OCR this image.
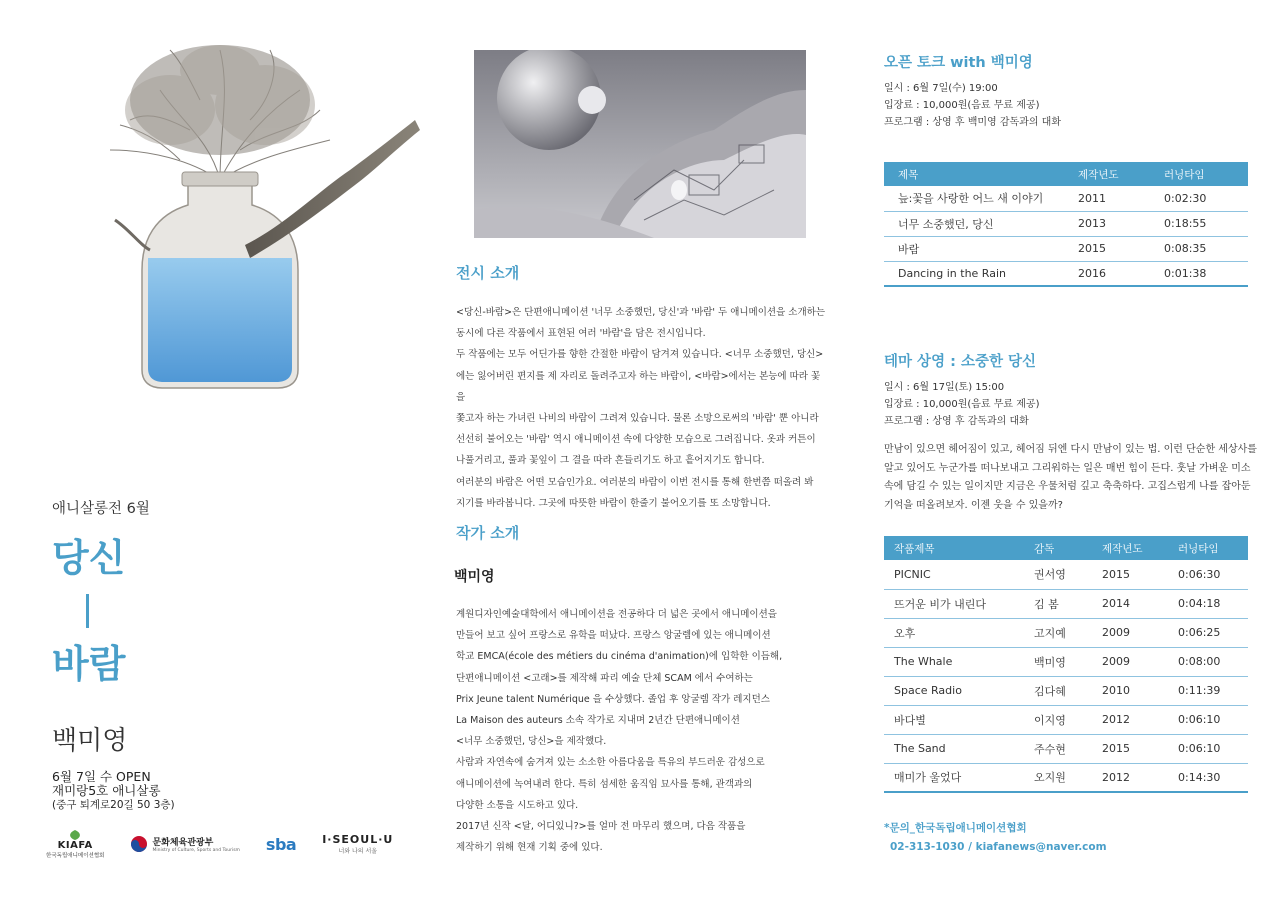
애니살롱전 6월
당신
바람
백미영
6월 7일 수 OPEN
재미랑5호 애니살롱
(중구 퇴계로20길 50 3층)
KIAFA
한국독립애니메이션협회
문화체육관광부
Ministry of Culture, Sports and Tourism sba I·SEOUL·U
너와 나의 서울
전시 소개
<당신-바람>은 단편애니메이션 '너무 소중했던, 당신'과 '바람' 두 애니메이션을 소개하는
동시에 다른 작품에서 표현된 여러 '바람'을 담은 전시입니다.
두 작품에는 모두 어딘가를 향한 간절한 바람이 담겨져 있습니다. <너무 소중했던, 당신>
에는 잃어버린 편지를 제 자리로 돌려주고자 하는 바람이, <바람>에서는 본능에 따라 꽃을
쫓고자 하는 가녀린 나비의 바람이 그려져 있습니다. 물론 소망으로써의 '바람' 뿐 아니라
선선히 불어오는 '바람' 역시 애니메이션 속에 다양한 모습으로 그려집니다. 옷과 커튼이
나풀거리고, 풀과 꽃잎이 그 결을 따라 흔들리기도 하고 흩어지기도 합니다.
여러분의 바람은 어떤 모습인가요. 여러분의 바람이 이번 전시를 통해 한번쯤 떠올려 봐
지기를 바라봅니다. 그곳에 따뜻한 바람이 한줄기 불어오기를 또 소망합니다.
작가 소개
백미영
계원디자인예술대학에서 애니메이션을 전공하다 더 넓은 곳에서 애니메이션을
만들어 보고 싶어 프랑스로 유학을 떠났다. 프랑스 앙굴렘에 있는 애니메이션
학교 EMCA(école des métiers du cinéma d'animation)에 입학한 이듬해,
단편애니메이션 <고래>를 제작해 파리 예술 단체 SCAM 에서 수여하는
Prix Jeune talent Numérique 을 수상했다. 졸업 후 앙굴렘 작가 레지던스
La Maison des auteurs 소속 작가로 지내며 2년간 단편애니메이션
<너무 소중했던, 당신>을 제작했다.
사람과 자연속에 숨겨져 있는 소소한 아름다움을 특유의 부드러운 감성으로
애니메이션에 녹여내려 한다. 특히 섬세한 움직임 묘사를 통해, 관객과의
다양한 소통을 시도하고 있다.
2017년 신작 <달, 어디있니?>를 얼마 전 마무리 했으며, 다음 작품을
제작하기 위해 현재 기획 중에 있다.
오픈 토크 with 백미영
일시 : 6월 7일(수) 19:00
입장료 : 10,000원(음료 무료 제공)
프로그램 : 상영 후 백미영 감독과의 대화
제목	제작년도	러닝타임
늪:꽃을 사랑한 어느 새 이야기	2011	0:02:30
너무 소중했던, 당신	2013	0:18:55
바람	2015	0:08:35
Dancing in the Rain	2016	0:01:38
테마 상영 : 소중한 당신
일시 : 6월 17일(토) 15:00
입장료 : 10,000원(음료 무료 제공)
프로그램 : 상영 후 감독과의 대화
만남이 있으면 헤어짐이 있고, 헤어짐 뒤엔 다시 만남이 있는 법. 이런 단순한 세상사를
알고 있어도 누군가를 떠나보내고 그리워하는 일은 매번 힘이 든다. 훗날 가벼운 미소
속에 담길 수 있는 일이지만 지금은 우물처럼 깊고 축축하다. 고집스럽게 나를 잡아둔
기억을 떠올려보자. 이젠 웃을 수 있을까?
작품제목	감독	제작년도	러닝타임
PICNIC	권서영	2015	0:06:30
뜨거운 비가 내린다	김 봄	2014	0:04:18
오후	고지예	2009	0:06:25
The Whale	백미영	2009	0:08:00
Space Radio	김다혜	2010	0:11:39
바다별	이지영	2012	0:06:10
The Sand	주수현	2015	0:06:10
매미가 울었다	오지원	2012	0:14:30
*문의_한국독립애니메이션협회
02-313-1030 / kiafanews@naver.com
